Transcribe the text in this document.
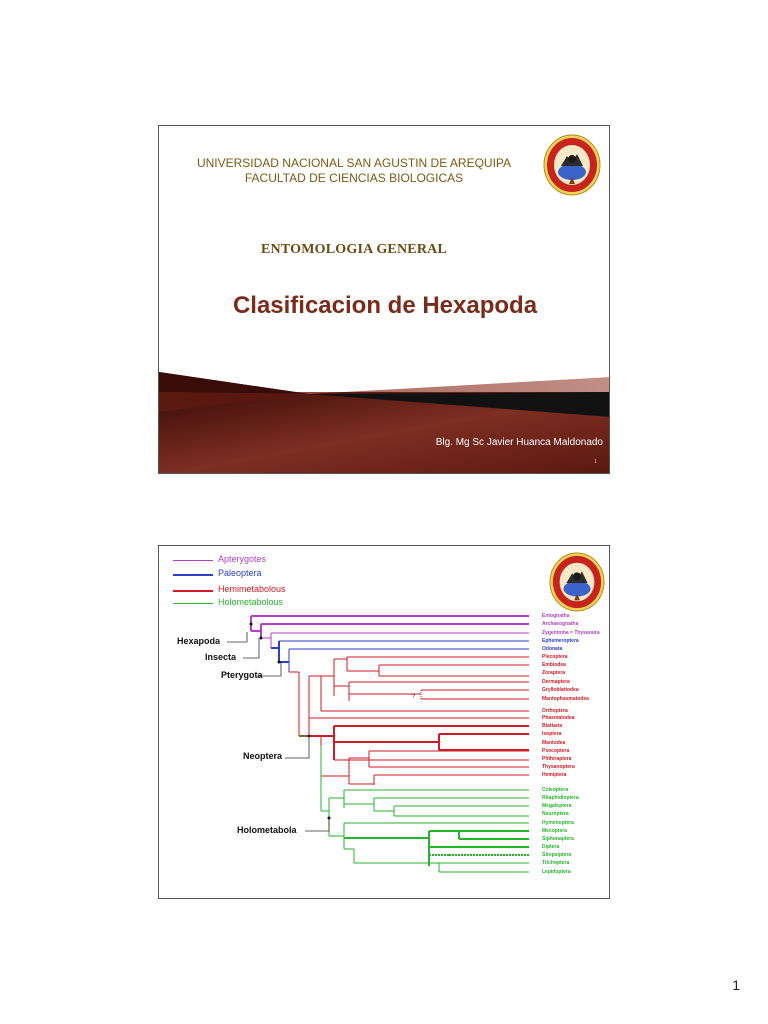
UNIVERSIDAD NACIONAL SAN AGUSTIN DE AREQUIPA
FACULTAD DE CIENCIAS BIOLOGICAS
ENTOMOLOGIA GENERAL
Clasificacion de Hexapoda
Blg. Mg Sc Javier Huanca Maldonado
1
Apterygotes
Paleoptera
Hemimetabolous
Holometabolous
Hexapoda
Insecta
Pterygota
Neoptera
Holometabola
?
Entognatha
Archaeognatha
Zygentoma = Thysanura
Ephemeroptera
Odonata
Plecoptera
Embiodea
Zoraptera
Dermaptera
Grylloblattodea
Mantophasmatodea
Orthoptera
Phasmatodea
Blattaria
Isoptera
Mantodea
Psocoptera
Phthiraptera
Thysanoptera
Hemiptera
Coleoptera
Rhaphidioptera
Megaloptera
Neuroptera
Hymenoptera
Mecoptera
Siphonaptera
Diptera
Strepsiptera
Trichoptera
Lepidoptera
1
